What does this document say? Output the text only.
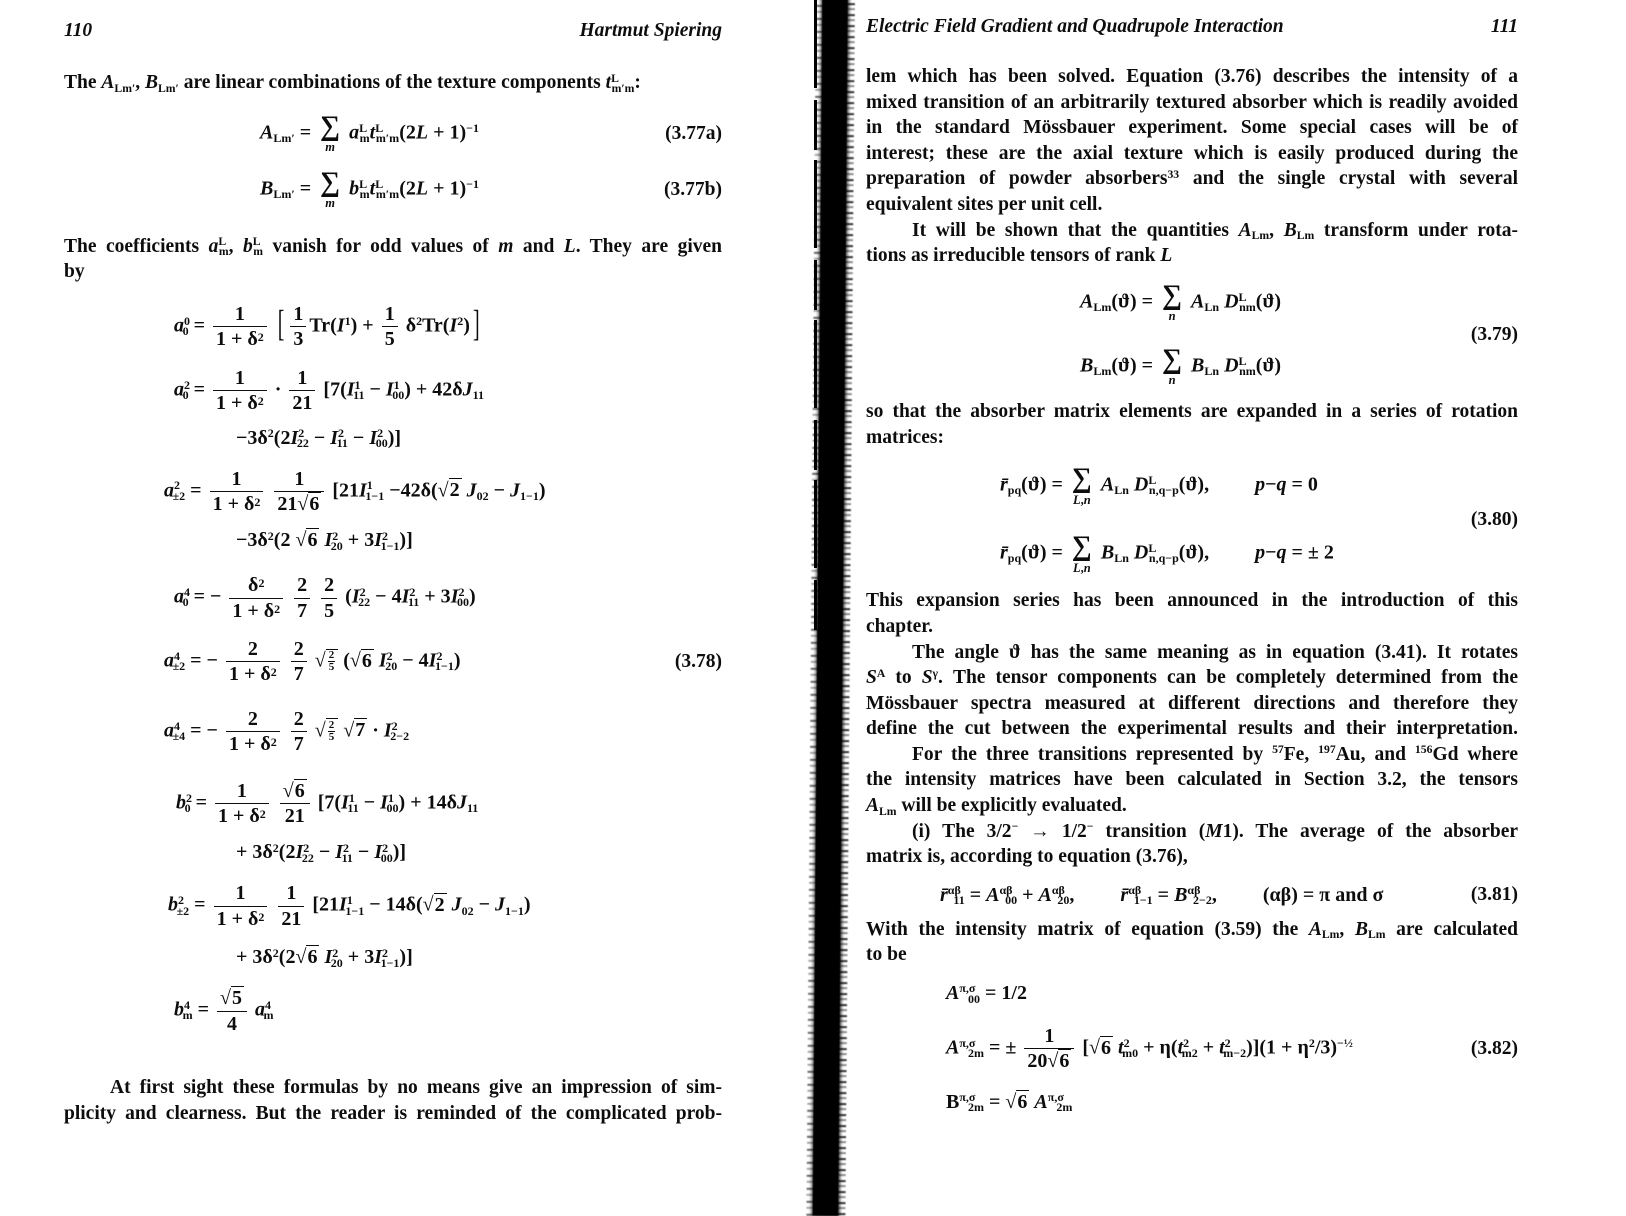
110	Hartmut Spiering

The $A_{Lm'}$, $B_{Lm'}$ are linear combinations of the texture components $t^L_{m'm}$:

$A_{Lm'}$ = ∑
m
$a^L_mt^L_{m'm}(2L + 1)^{-1}$	(3.77a)
$B_{Lm'}$ = ∑
m
$b^L_mt^L_{m'm}(2L + 1)^{-1}$	(3.77b)

The coefficients $a^L_m$, $b^L_m$ vanish for odd values of m and L. They are given

by

$a^0_0 = \frac{1}{1 + \delta^2}$ [ $\frac{1}{3} Tr(I^1) + \frac{1}{5} \delta^2Tr(I^2)$ ]
$a^2_0 = \frac{1}{1 + \delta^2} \cdot \frac{1}{21} [7(I^1_{11} - I^1_{00}) + 42\delta J_{11}$
$-3\delta^2(2I^2_{22} - I^2_{11} - I^2_{00})$]
$a^2_{\pm 2} = \frac{1}{1 + \delta^2}$
$\frac{1}{21√6} [21I^1_{1-1} -42\delta(√2$ $J_{02} - J_{1-1}$)
$-3\delta^2(2$ √6 $I^2_{20} + 3I^2_{1-1}$)]
$a^4_0$ = − $\frac{\delta^2}{1 + \delta^2}$
$\frac{2}{7}$
$\frac{2}{5} (I^2_{22} - 4I^2_{11} + 3I^2_{00})$
$a^4_{\pm 2}$ = − $\frac{2}{1 + \delta^2}$
$\frac{2}{7}$ √ $\frac{2}{5} (√6$ $I^2_{20} - 4I^2_{1-1}$)	(3.78)
$a^4_{\pm 4}$ = − $\frac{2}{1 + \delta^2}$
$\frac{2}{7}$ √ $\frac{2}{5} √7 \cdot I^2_{2-2}$
$b^2_0 = \frac{1}{1 + \delta^2}$
$\frac{√6}{21} [7(I^1_{11} - I^1_{00}) + 14\delta J_{11}$
+ $3\delta^2(2I^2_{22} - I^2_{11} - I^2_{00})$]
$b^2_{\pm 2} = \frac{1}{1 + \delta^2}$
$\frac{1}{21} [21I^1_{1-1} - 14\delta(√2$ $J_{02} - J_{1-1}$)
+ $3\delta^2(2√6$ $I^2_{20} + 3I^2_{1-1}$)]
$b^4_m = \frac{√5}{4} a^4_m$

At first sight these formulas by no means give an impression of sim-
plicity and clearness. But the reader is reminded of the complicated prob-

Electric Field Gradient and Quadrupole Interaction	111

lem which has been solved. Equation (3.76) describes the intensity of a
mixed transition of an arbitrarily textured absorber which is readily avoided
in the standard Mössbauer experiment. Some special cases will be of
interest; these are the axial texture which is easily produced during the
preparation of powder absorbers$^{33}$ and the single crystal with several

equivalent sites per unit cell.

It will be shown that the quantities $A_{Lm}$, $B_{Lm}$ transform under rota-

tions as irreducible tensors of rank L

$A_{Lm}(ϑ)$ = ∑
n
$A_{Ln}$ $D^L_{nm}(ϑ)$
$B_{Lm}(ϑ)$ = ∑
n
$B_{Ln}$ $D^L_{nm}(ϑ)$
(3.79)

so that the absorber matrix elements are expanded in a series of rotation

matrices:

$r̄_{pq}(ϑ)$ = ∑
L,n
$A_{Ln}$ $D^L_{n,q-p}(ϑ)$, p−q = 0
$r̄_{pq}(ϑ)$ = ∑
L,n
$B_{Ln}$ $D^L_{n,q-p}(ϑ)$, p−q = ± 2
(3.80)

This expansion series has been announced in the introduction of this

chapter.

The angle ϑ has the same meaning as in equation (3.41). It rotates
$S^A$ to $S^\gamma$. The tensor components can be completely determined from the
Mössbauer spectra measured at different directions and therefore they
define the cut between the experimental results and their interpretation.

For the three transitions represented by $^{57}$Fe, $^{197}$Au, and $^{156}$Gd where
the intensity matrices have been calculated in Section 3.2, the tensors

$A_{Lm}$ will be explicitly evaluated.

(i) The 3/2− → 1/2− transition (M1). The average of the absorber

matrix is, according to equation (3.76),

r̄$^{\alpha\beta}_{11}$ = $A^{\alpha\beta}_{00} + A^{\alpha\beta}_{20}$, r̄$^{\alpha\beta}_{1-1}$ = $B^{\alpha\beta}_{2-2}$, (αβ) = π and σ	(3.81)

With the intensity matrix of equation (3.59) the $A_{Lm}$, $B_{Lm}$ are calculated

to be

$A^{\pi,\sigma}_{00} = 1/2$
$A^{\pi,\sigma}_{2m}$ = ± $\frac{1}{20√6} [√6$ $t^2_{m0} + \eta(t^2_{m2} + t^2_{m-2})](1 + \eta^2/3)^{-\frac{1}{2}}$	(3.82)
$B^{\pi,\sigma}_{2m} = √6$ $A^{\pi,\sigma}_{2m}$
